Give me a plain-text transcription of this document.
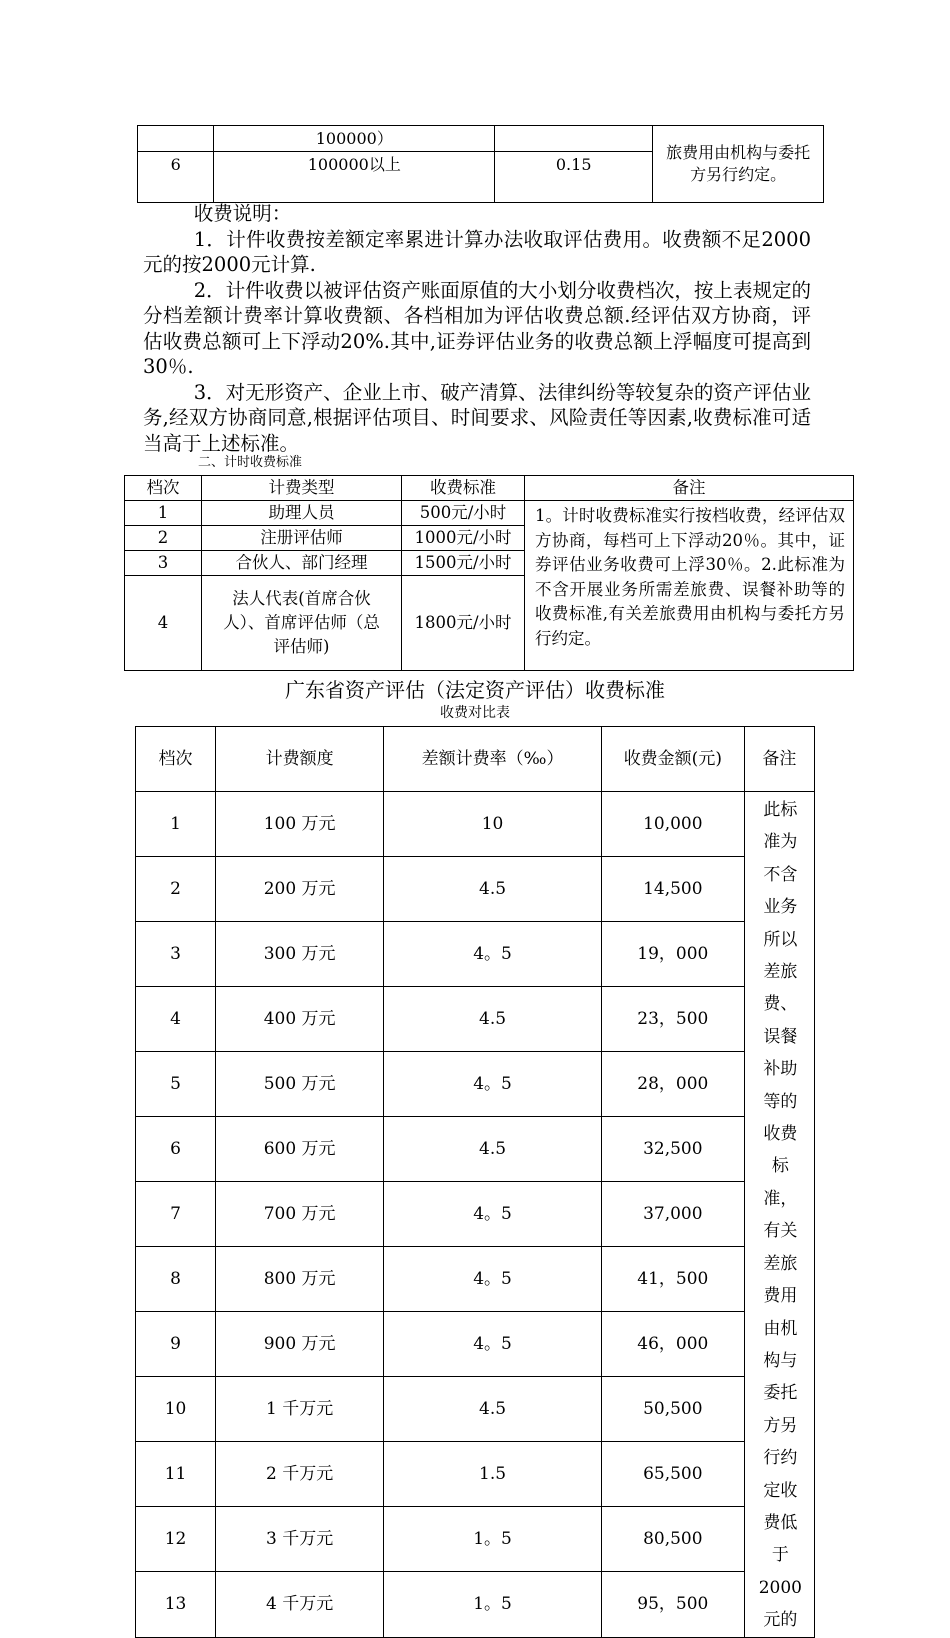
	100000）		旅费用由机构与委托方另行约定。
6	100000以上	0.15	

收费说明：

1．计件收费按差额定率累进计算办法收取评估费用。收费额不足2000元的按2000元计算.

2．计件收费以被评估资产账面原值的大小划分收费档次，按上表规定的分档差额计费率计算收费额、各档相加为评估收费总额.经评估双方协商，评估收费总额可上下浮动20%.其中,证券评估业务的收费总额上浮幅度可提高到30％.

3．对无形资产、企业上市、破产清算、法律纠纷等较复杂的资产评估业务,经双方协商同意,根据评估项目、时间要求、风险责任等因素,收费标准可适当高于上述标准。

二、计时收费标准
档次	计费类型	收费标准	备注
1	助理人员	500元/小时	1。计时收费标准实行按档收费，经评估双方协商，每档可上下浮动20％。其中，证券评估业务收费可上浮30％。2.此标准为不含开展业务所需差旅费、误餐补助等的收费标准,有关差旅费用由机构与委托方另行约定。
2	注册评估师	1000元/小时	
3	合伙人、部门经理	1500元/小时	
4	法人代表(首席合伙人）、首席评估师（总评估师)	1800元/小时	
广东省资产评估（法定资产评估）收费标准
收费对比表
档次	计费额度	差额计费率（‰）	收费金额(元)	备注
1	100 万元	10	10,000	此标准为不含业务所以差旅费、误餐补助等的收费标准，有关差旅费用由机构与委托方另行约定收费低于2000元的
2	200 万元	4.5	14,500	
3	300 万元	4。5	19，000	
4	400 万元	4.5	23，500	
5	500 万元	4。5	28，000	
6	600 万元	4.5	32,500	
7	700 万元	4。5	37,000	
8	800 万元	4。5	41，500	
9	900 万元	4。5	46，000	
10	1 千万元	4.5	50,500	
11	2 千万元	1.5	65,500	
12	3 千万元	1。5	80,500	
13	4 千万元	1。5	95，500	
